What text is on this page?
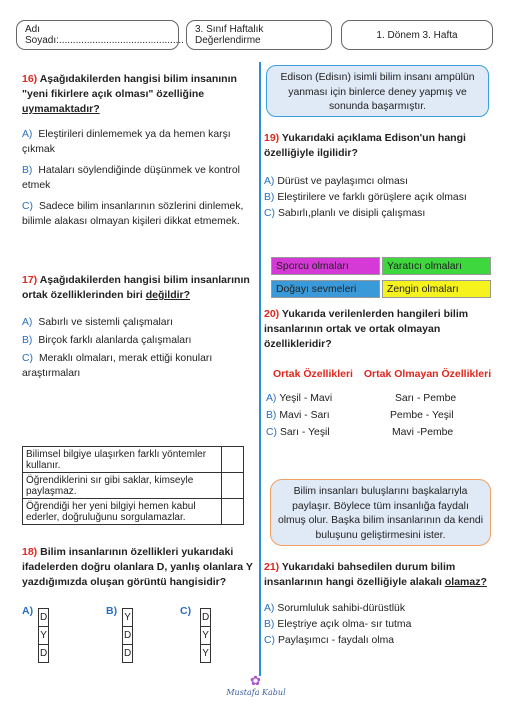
Adı Soyadı:.............................................
3. Sınıf Haftalık Değerlendirme	1. Dönem 3. Hafta
16) Aşağıdakilerden hangisi bilim insanının
"yeni fikirlere açık olması" özelliğine
uymamaktadır?
A) Eleştirileri dinlememek ya da hemen karşı
çıkmak
B) Hataları söylendiğinde düşünmek ve kontrol
etmek
C) Sadece bilim insanlarının sözlerini dinlemek,
bilimle alakası olmayan kişileri dikkat etmemek.
17) Aşağıdakilerden hangisi bilim insanlarının
ortak özelliklerinden biri değildir?
A) Sabırlı ve sistemli çalışmaları
B) Birçok farklı alanlarda çalışmaları
C) Meraklı olmaları, merak ettiği konuları
araştırmaları
Bilimsel bilgiye ulaşırken farklı yöntemler kullanır.	
Öğrendiklerini sır gibi saklar, kimseyle paylaşmaz.	
Öğrendiği her yeni bilgiyi hemen kabul ederler, doğruluğunu sorgulamazlar.	
18) Bilim insanlarının özellikleri yukarıdaki
ifadelerden doğru olanlara D, yanlış olanlara Y
yazdığımızda oluşan görüntü hangisidir?
A)
D
Y
D
B)
Y
D
D
C)
D
Y
Y
Edison (Edisın) isimli bilim insanı ampülün yanması için binlerce deney yapmış ve sonunda başarmıştır.
19) Yukarıdaki açıklama Edison'un hangi
özelliğiyle ilgilidir?
A) Dürüst ve paylaşımcı olması
B) Eleştirilere ve farklı görüşlere açık olması
C) Sabırlı,planlı ve disipli çalışması
Sporcu olmaları	Yaratıcı olmaları
Doğayı sevmeleri	Zengin olmaları
20) Yukarıda verilenlerden hangileri bilim
insanlarının ortak ve ortak olmayan
özellikleridir?
Ortak Özellikleri Ortak Olmayan Özellikleri
A) Yeşil - Mavi	Sarı - Pembe
B) Mavi - Sarı	Pembe - Yeşil
C) Sarı - Yeşil	Mavi -Pembe
Bilim insanları buluşlarını başkalarıyla paylaşır. Böylece tüm insanlığa faydalı olmuş olur. Başka bilim insanlarının da kendi buluşunu geliştirmesini ister.
21) Yukarıdaki bahsedilen durum bilim
insanlarının hangi özelliğiyle alakalı olamaz?
A) Sorumluluk sahibi-dürüstlük
B) Eleştriye açık olma- sır tutma
C) Paylaşımcı - faydalı olma
✿
Mustafa Kabul
